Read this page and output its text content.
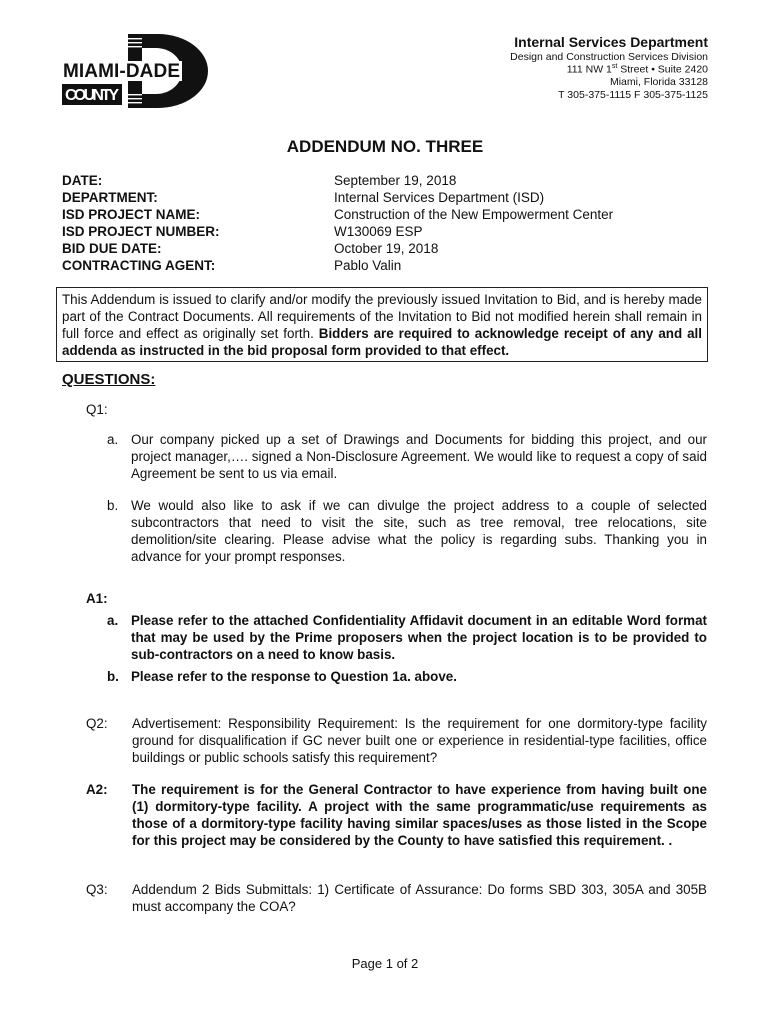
MIAMI-DADE
COUNTY
Internal Services Department
Design and Construction Services Division
111 NW 1st Street • Suite 2420
Miami, Florida 33128
T 305-375-1115 F 305-375-1125
ADDENDUM NO. THREE
DATE:	September 19, 2018
DEPARTMENT:	Internal Services Department (ISD)
ISD PROJECT NAME:	Construction of the New Empowerment Center
ISD PROJECT NUMBER:	W130069 ESP
BID DUE DATE:	October 19, 2018
CONTRACTING AGENT:	Pablo Valin
This Addendum is issued to clarify and/or modify the previously issued Invitation to Bid, and is hereby made part of the Contract Documents. All requirements of the Invitation to Bid not modified herein shall remain in full force and effect as originally set forth. Bidders are required to acknowledge receipt of any and all addenda as instructed in the bid proposal form provided to that effect.
QUESTIONS:
Q1:
a. Our company picked up a set of Drawings and Documents for bidding this project, and our project manager,…. signed a Non-Disclosure Agreement. We would like to request a copy of said Agreement be sent to us via email.
b. We would also like to ask if we can divulge the project address to a couple of selected subcontractors that need to visit the site, such as tree removal, tree relocations, site demolition/site clearing. Please advise what the policy is regarding subs. Thanking you in advance for your prompt responses.
A1:
a. Please refer to the attached Confidentiality Affidavit document in an editable Word format that may be used by the Prime proposers when the project location is to be provided to sub-contractors on a need to know basis.
b. Please refer to the response to Question 1a. above.
Q2:	Advertisement: Responsibility Requirement: Is the requirement for one dormitory-type facility ground for disqualification if GC never built one or experience in residential-type facilities, office buildings or public schools satisfy this requirement?
A2:	The requirement is for the General Contractor to have experience from having built one (1) dormitory-type facility. A project with the same programmatic/use requirements as those of a dormitory-type facility having similar spaces/uses as those listed in the Scope for this project may be considered by the County to have satisfied this requirement. .
Q3:	Addendum 2 Bids Submittals: 1) Certificate of Assurance: Do forms SBD 303, 305A and 305B must accompany the COA?
Page 1 of 2
